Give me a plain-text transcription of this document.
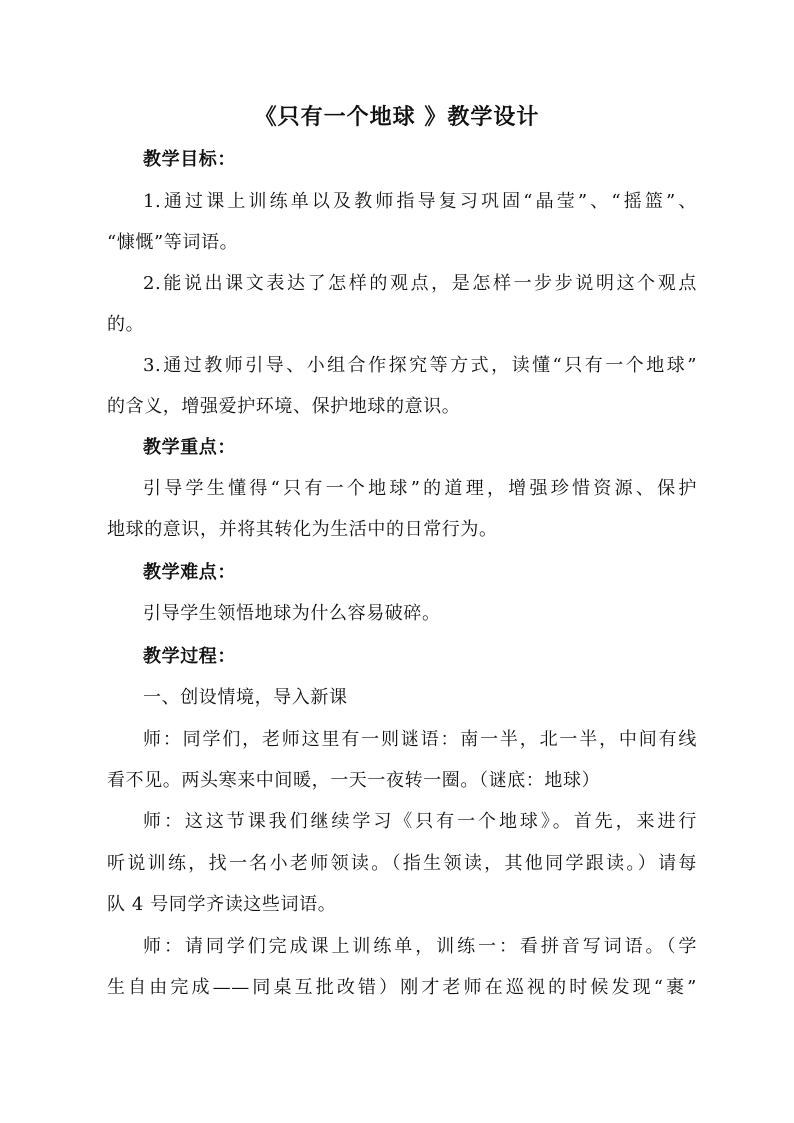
《只有一个地球 》教学设计
教学目标：
1.通过课上训练单以及教师指导复习巩固“晶莹”、“摇篮”、
“慷慨”等词语。
2.能说出课文表达了怎样的观点，是怎样一步步说明这个观点
的。
3.通过教师引导、小组合作探究等方式，读懂“只有一个地球”
的含义，增强爱护环境、保护地球的意识。
教学重点：
引导学生懂得“只有一个地球”的道理，增强珍惜资源、保护
地球的意识，并将其转化为生活中的日常行为。
教学难点：
引导学生领悟地球为什么容易破碎。
教学过程：
一、创设情境，导入新课
师：同学们，老师这里有一则谜语：南一半，北一半，中间有线
看不见。两头寒来中间暖，一天一夜转一圈。（谜底：地球）
师：这这节课我们继续学习《只有一个地球》。首先，来进行
听说训练，找一名小老师领读。（指生领读，其他同学跟读。）请每
队 4 号同学齐读这些词语。
师：请同学们完成课上训练单，训练一：看拼音写词语。（学
生自由完成——同桌互批改错）刚才老师在巡视的时候发现“裹”
